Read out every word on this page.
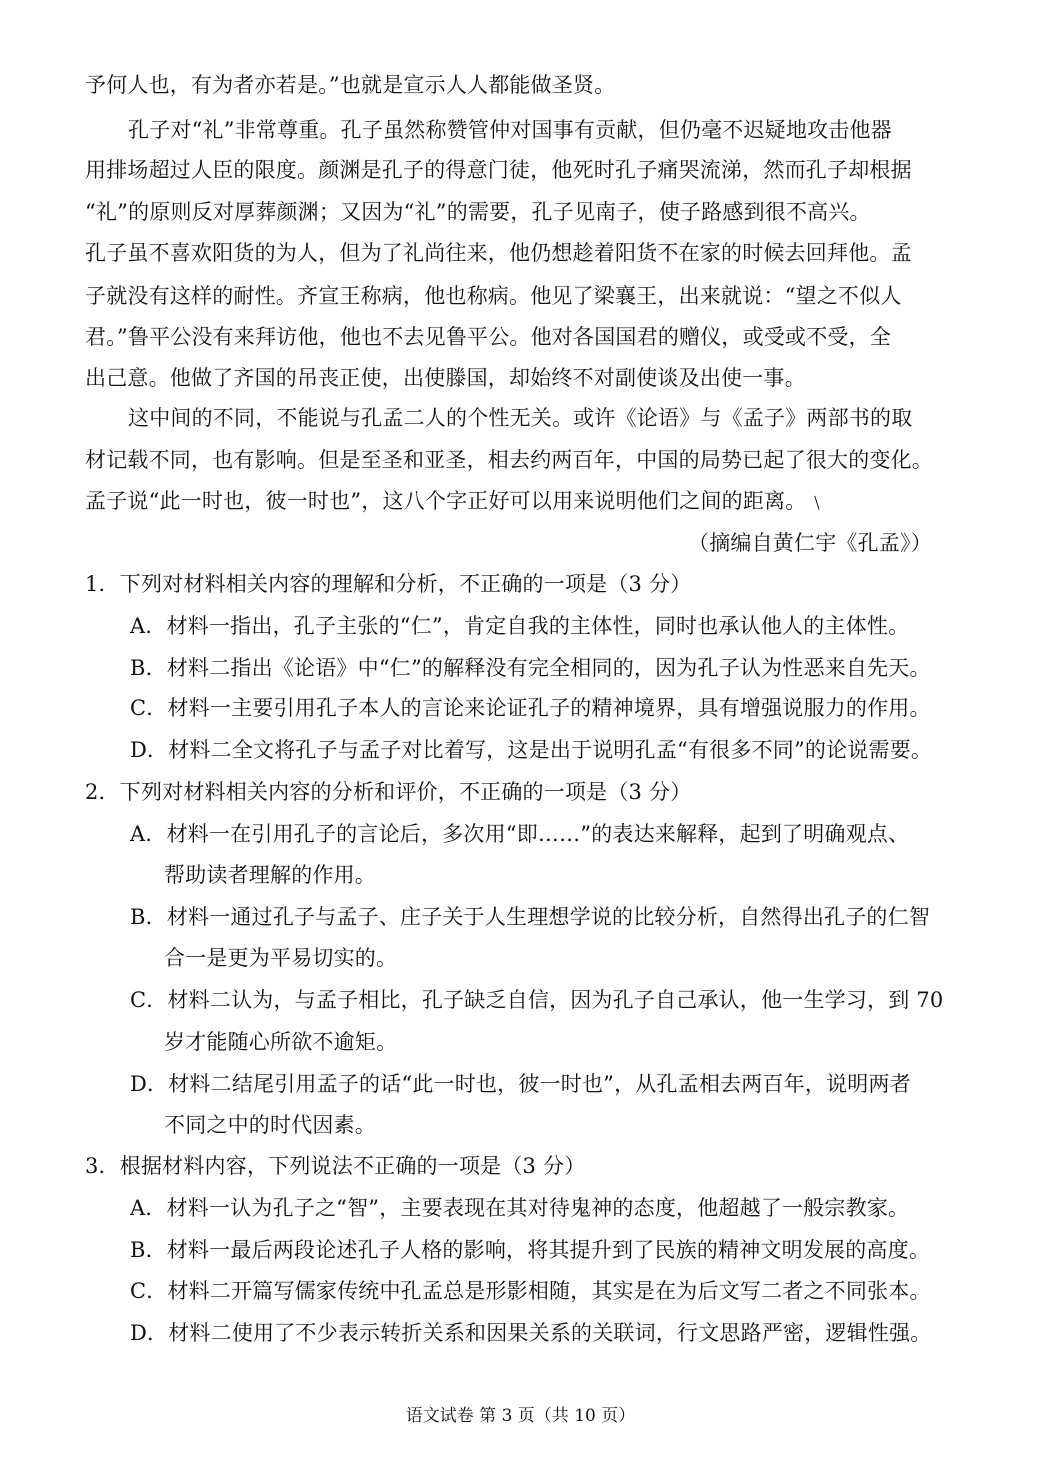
予何人也，有为者亦若是。”也就是宣示人人都能做圣贤。
孔子对“礼”非常尊重。孔子虽然称赞管仲对国事有贡献，但仍毫不迟疑地攻击他器
用排场超过人臣的限度。颜渊是孔子的得意门徒，他死时孔子痛哭流涕，然而孔子却根据
“礼”的原则反对厚葬颜渊；又因为“礼”的需要，孔子见南子，使子路感到很不高兴。
孔子虽不喜欢阳货的为人，但为了礼尚往来，他仍想趁着阳货不在家的时候去回拜他。孟
子就没有这样的耐性。齐宣王称病，他也称病。他见了梁襄王，出来就说：“望之不似人
君。”鲁平公没有来拜访他，他也不去见鲁平公。他对各国国君的赠仪，或受或不受，全
出己意。他做了齐国的吊丧正使，出使滕国，却始终不对副使谈及出使一事。
这中间的不同，不能说与孔孟二人的个性无关。或许《论语》与《孟子》两部书的取
材记载不同，也有影响。但是至圣和亚圣，相去约两百年，中国的局势已起了很大的变化。
孟子说“此一时也，彼一时也”，这八个字正好可以用来说明他们之间的距离。﹨
（摘编自黄仁宇《孔孟》）
1．下列对材料相关内容的理解和分析，不正确的一项是（3 分）
A．材料一指出，孔子主张的“仁”，肯定自我的主体性，同时也承认他人的主体性。
B．材料二指出《论语》中“仁”的解释没有完全相同的，因为孔子认为性恶来自先天。
C．材料一主要引用孔子本人的言论来论证孔子的精神境界，具有增强说服力的作用。
D．材料二全文将孔子与孟子对比着写，这是出于说明孔孟“有很多不同”的论说需要。
2．下列对材料相关内容的分析和评价，不正确的一项是（3 分）
A．材料一在引用孔子的言论后，多次用“即……”的表达来解释，起到了明确观点、
帮助读者理解的作用。
B．材料一通过孔子与孟子、庄子关于人生理想学说的比较分析，自然得出孔子的仁智
合一是更为平易切实的。
C．材料二认为，与孟子相比，孔子缺乏自信，因为孔子自己承认，他一生学习，到 70
岁才能随心所欲不逾矩。
D．材料二结尾引用孟子的话“此一时也，彼一时也”，从孔孟相去两百年，说明两者
不同之中的时代因素。
3．根据材料内容，下列说法不正确的一项是（3 分）
A．材料一认为孔子之“智”，主要表现在其对待鬼神的态度，他超越了一般宗教家。
B．材料一最后两段论述孔子人格的影响，将其提升到了民族的精神文明发展的高度。
C．材料二开篇写儒家传统中孔孟总是形影相随，其实是在为后文写二者之不同张本。
D．材料二使用了不少表示转折关系和因果关系的关联词，行文思路严密，逻辑性强。
语文试卷 第 3 页（共 10 页）
